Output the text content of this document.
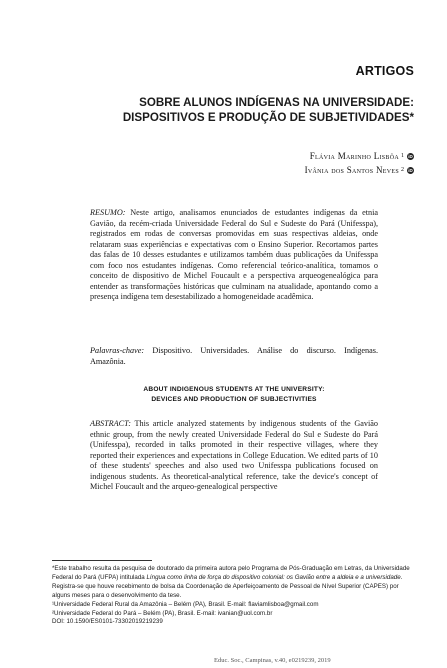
ARTIGOS
SOBRE ALUNOS INDÍGENAS NA UNIVERSIDADE:
DISPOSITIVOS E PRODUÇÃO DE SUBJETIVIDADES*
Flávia Marinho Lisbôa 1 iD
Ivânia dos Santos Neves 2 iD
RESUMO: Neste artigo, analisamos enunciados de estudantes indígenas da etnia Gavião, da recém-criada Universidade Federal do Sul e Sudeste do Pará (Unifesspa), registrados em rodas de conversas promovidas em suas respectivas aldeias, onde relataram suas experiências e expectativas com o Ensino Superior. Recortamos partes das falas de 10 desses estudantes e utilizamos também duas publicações da Unifesspa com foco nos estudantes indígenas. Como referencial teórico-analítica, tomamos o conceito de dispositivo de Michel Foucault e a perspectiva arqueogenealógica para entender as transformações históricas que culminam na atualidade, apontando como a presença indígena tem desestabilizado a homogeneidade acadêmica.
Palavras-chave: Dispositivo. Universidades. Análise do discurso. Indígenas. Amazônia.
ABOUT INDIGENOUS STUDENTS AT THE UNIVERSITY:
DEVICES AND PRODUCTION OF SUBJECTIVITIES
ABSTRACT: This article analyzed statements by indigenous students of the Gavião ethnic group, from the newly created Universidade Federal do Sul e Sudeste do Pará (Unifesspa), recorded in talks promoted in their respective villages, where they reported their experiences and expectations in College Education. We edited parts of 10 of these students' speeches and also used two Unifesspa publications focused on indigenous students. As theoretical-analytical reference, take the device's concept of Michel Foucault and the arqueo-genealogical perspective

*Este trabalho resulta da pesquisa de doutorado da primeira autora pelo Programa de Pós-Graduação em Letras, da Universidade Federal do Pará (UFPA) intitulada Língua como linha de força do dispositivo colonial: os Gavião entre a aldeia e a universidade. Registra-se que houve recebimento de bolsa da Coordenação de Aperfeiçoamento de Pessoal de Nível Superior (CAPES) por alguns meses para o desenvolvimento da tese.

¹Universidade Federal Rural da Amazônia – Belém (PA), Brasil. E-mail: flaviamlisboa@gmail.com

²Universidade Federal do Pará – Belém (PA), Brasil. E-mail: ivanian@uol.com.br

DOI: 10.1590/ES0101-73302019219239

Educ. Soc., Campinas, v.40, e0219239, 2019
